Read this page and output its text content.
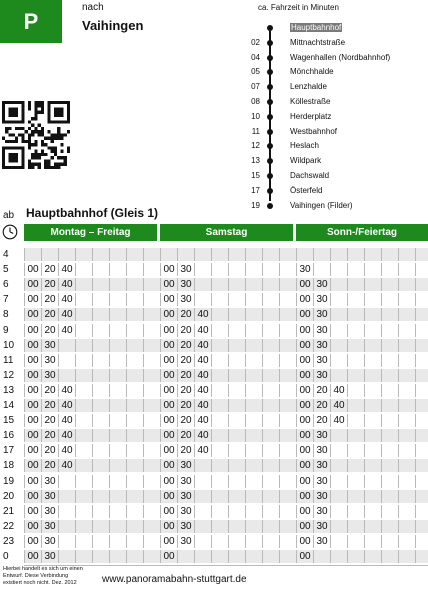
P
nach
Vaihingen
ca. Fahrzeit in Minuten
Hauptbahnhof
02	Mittnachtstraße
04	Wagenhallen (Nordbahnhof)
05	Mönchhalde
07	Lenzhalde
08	Köllestraße
10	Herderplatz
11	Westbahnhof
12	Heslach
13	Wildpark
15	Dachswald
17	Österfeld
19	Vaihingen (Filder)
ab Hauptbahnhof (Gleis 1)
Montag – Freitag	Samstag	Sonn-/Feiertag
4
5	00 20 40	00 30	30
6	00 20 40	00 30	00 30
7	00 20 40	00 30	00 30
8	00 20 40	00 20 40	00 30
9	00 20 40	00 20 40	00 30
10	00 30	00 20 40	00 30
11	00 30	00 20 40	00 30
12	00 30	00 20 40	00 30
13	00 20 40	00 20 40	00 20 40
14	00 20 40	00 20 40	00 20 40
15	00 20 40	00 20 40	00 20 40
16	00 20 40	00 20 40	00 30
17	00 20 40	00 20 40	00 30
18	00 20 40	00 30	00 30
19	00 30	00 30	00 30
20	00 30	00 30	00 30
21	00 30	00 30	00 30
22	00 30	00 30	00 30
23	00 30	00 30	00 30
0	00 30	00	00
Hierbei handelt es sich um einen Entwurf. Diese Verbindung existiert noch nicht. Dez. 2012	www.panoramabahn-stuttgart.de
